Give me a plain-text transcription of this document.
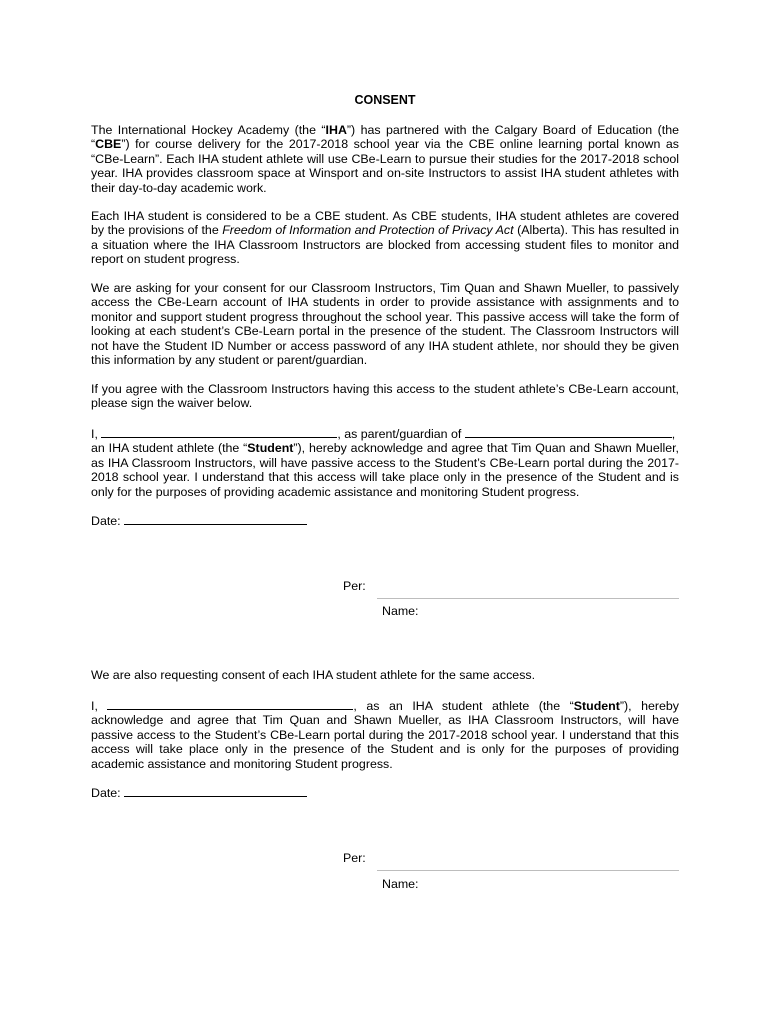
CONSENT
The International Hockey Academy (the “IHA”) has partnered with the Calgary Board of Education (the “CBE”) for course delivery for the 2017-2018 school year via the CBE online learning portal known as “CBe-Learn”. Each IHA student athlete will use CBe-Learn to pursue their studies for the 2017-2018 school year. IHA provides classroom space at Winsport and on-site Instructors to assist IHA student athletes with their day-to-day academic work.
Each IHA student is considered to be a CBE student. As CBE students, IHA student athletes are covered by the provisions of the Freedom of Information and Protection of Privacy Act (Alberta). This has resulted in a situation where the IHA Classroom Instructors are blocked from accessing student files to monitor and report on student progress.
We are asking for your consent for our Classroom Instructors, Tim Quan and Shawn Mueller, to passively access the CBe-Learn account of IHA students in order to provide assistance with assignments and to monitor and support student progress throughout the school year. This passive access will take the form of looking at each student’s CBe-Learn portal in the presence of the student. The Classroom Instructors will not have the Student ID Number or access password of any IHA student athlete, nor should they be given this information by any student or parent/guardian.
If you agree with the Classroom Instructors having this access to the student athlete’s CBe-Learn account, please sign the waiver below.
I,	, as parent/guardian of	,
an IHA student athlete (the “Student”), hereby acknowledge and agree that Tim Quan and Shawn Mueller, as IHA Classroom Instructors, will have passive access to the Student’s CBe-Learn portal during the 2017-2018 school year. I understand that this access will take place only in the presence of the Student and is only for the purposes of providing academic assistance and monitoring Student progress.
Date:
Per:
Name:
We are also requesting consent of each IHA student athlete for the same access.
I,	, as an IHA student athlete (the “Student”), hereby acknowledge and agree that Tim Quan and Shawn Mueller, as IHA Classroom Instructors, will have passive access to the Student’s CBe-Learn portal during the 2017-2018 school year. I understand that this access will take place only in the presence of the Student and is only for the purposes of providing academic assistance and monitoring Student progress.
Date:
Per:
Name:
